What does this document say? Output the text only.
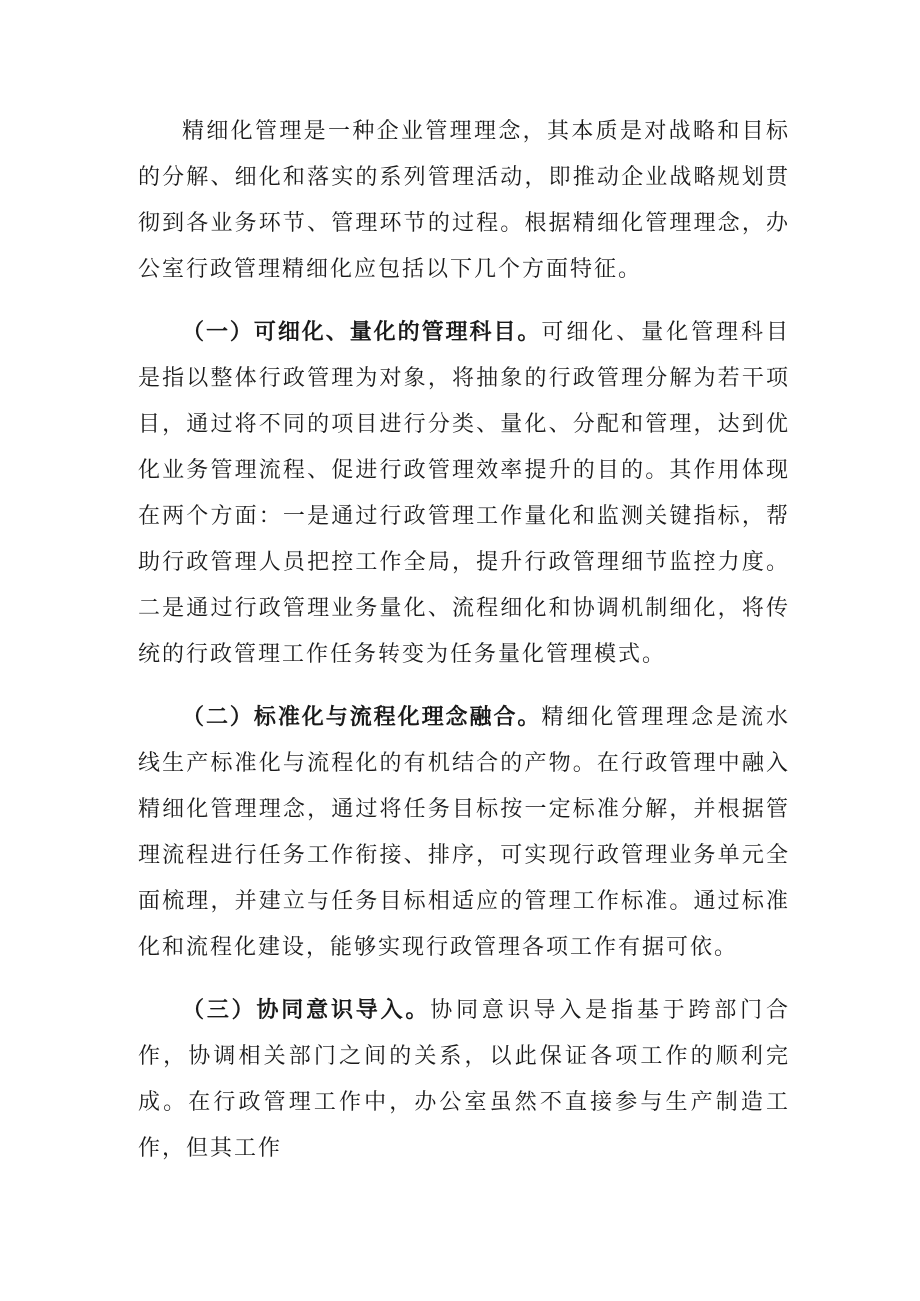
精细化管理是一种企业管理理念，其本质是对战略和目标的分解、细化和落实的系列管理活动，即推动企业战略规划贯彻到各业务环节、管理环节的过程。根据精细化管理理念，办公室行政管理精细化应包括以下几个方面特征。

（一）可细化、量化的管理科目。可细化、量化管理科目是指以整体行政管理为对象，将抽象的行政管理分解为若干项目，通过将不同的项目进行分类、量化、分配和管理，达到优化业务管理流程、促进行政管理效率提升的目的。其作用体现在两个方面：一是通过行政管理工作量化和监测关键指标，帮助行政管理人员把控工作全局，提升行政管理细节监控力度。二是通过行政管理业务量化、流程细化和协调机制细化，将传统的行政管理工作任务转变为任务量化管理模式。

（二）标准化与流程化理念融合。精细化管理理念是流水线生产标准化与流程化的有机结合的产物。在行政管理中融入精细化管理理念，通过将任务目标按一定标准分解，并根据管理流程进行任务工作衔接、排序，可实现行政管理业务单元全面梳理，并建立与任务目标相适应的管理工作标准。通过标准化和流程化建设，能够实现行政管理各项工作有据可依。

（三）协同意识导入。协同意识导入是指基于跨部门合作，协调相关部门之间的关系，以此保证各项工作的顺利完成。在行政管理工作中，办公室虽然不直接参与生产制造工作，但其工作
